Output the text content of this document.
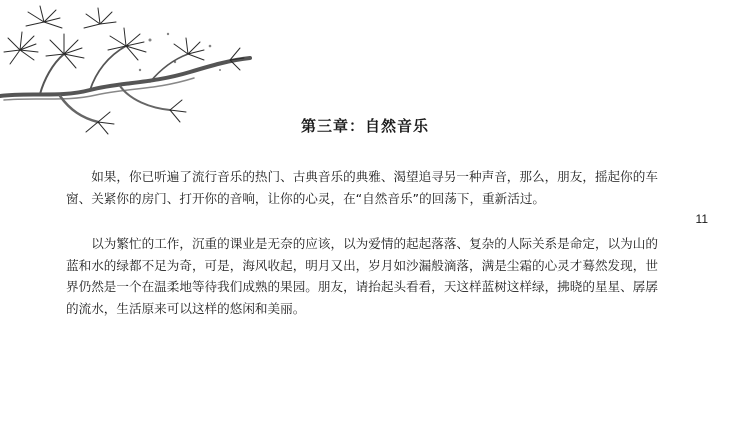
第三章：自然音乐

如果，你已听遍了流行音乐的热门、古典音乐的典雅、渴望追寻另一种声音，那么，朋友，摇起你的车窗、关紧你的房门、打开你的音响，让你的心灵，在“自然音乐”的回荡下，重新活过。

以为繁忙的工作，沉重的课业是无奈的应该，以为爱情的起起落落、复杂的人际关系是命定，以为山的蓝和水的绿都不足为奇，可是，海风收起，明月又出，岁月如沙漏般滴落，满是尘霜的心灵才蓦然发现，世界仍然是一个在温柔地等待我们成熟的果园。朋友，请抬起头看看，天这样蓝树这样绿，拂晓的星星、孱孱的流水，生活原来可以这样的悠闲和美丽。

11
